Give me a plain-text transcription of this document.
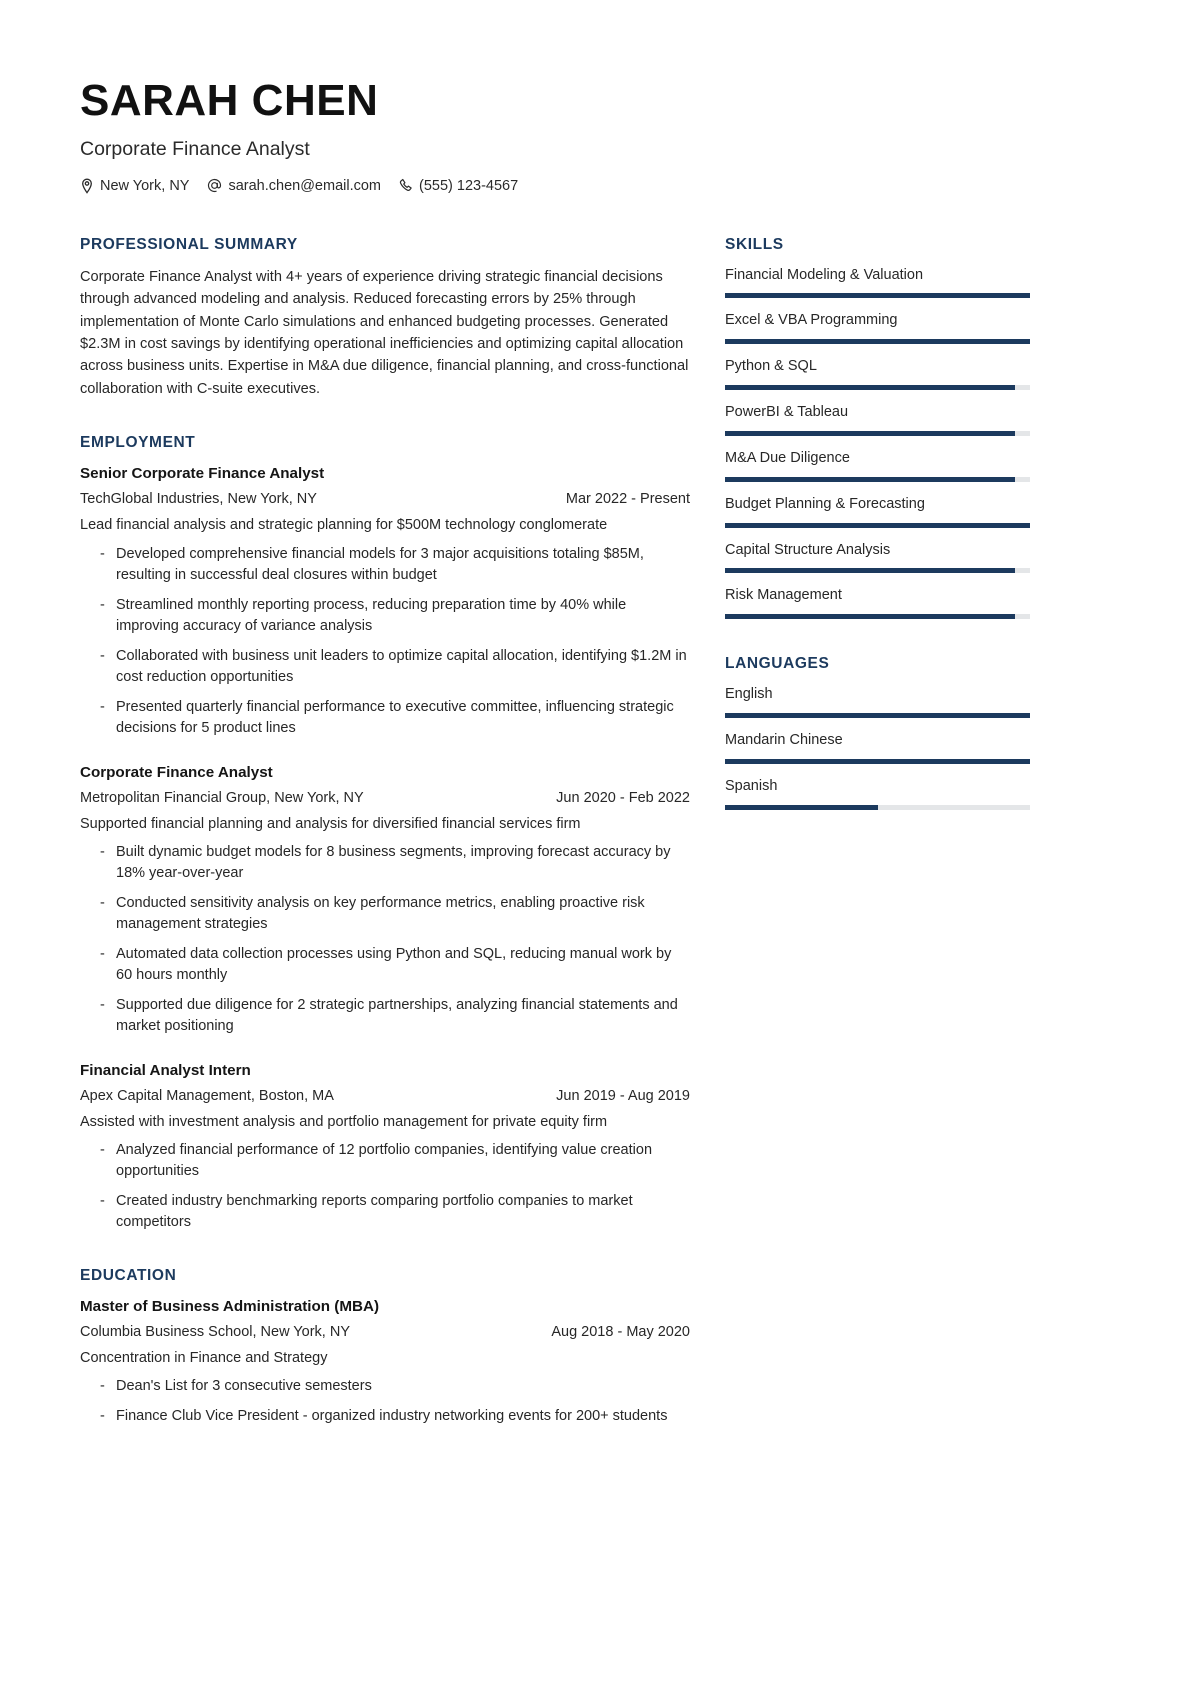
SARAH CHEN
Corporate Finance Analyst
New York, NY	sarah.chen@email.com	(555) 123-4567
PROFESSIONAL SUMMARY

Corporate Finance Analyst with 4+ years of experience driving strategic financial decisions through advanced modeling and analysis. Reduced forecasting errors by 25% through implementation of Monte Carlo simulations and enhanced budgeting processes. Generated $2.3M in cost savings by identifying operational inefficiencies and optimizing capital allocation across business units. Expertise in M&A due diligence, financial planning, and cross-functional collaboration with C-suite executives.

EMPLOYMENT
Senior Corporate Finance Analyst
TechGlobal Industries, New York, NY	Mar 2022 - Present
Lead financial analysis and strategic planning for $500M technology conglomerate
- Developed comprehensive financial models for 3 major acquisitions totaling $85M, resulting in successful deal closures within budget
- Streamlined monthly reporting process, reducing preparation time by 40% while improving accuracy of variance analysis
- Collaborated with business unit leaders to optimize capital allocation, identifying $1.2M in cost reduction opportunities
- Presented quarterly financial performance to executive committee, influencing strategic decisions for 5 product lines
Corporate Finance Analyst
Metropolitan Financial Group, New York, NY	Jun 2020 - Feb 2022
Supported financial planning and analysis for diversified financial services firm
- Built dynamic budget models for 8 business segments, improving forecast accuracy by 18% year-over-year
- Conducted sensitivity analysis on key performance metrics, enabling proactive risk management strategies
- Automated data collection processes using Python and SQL, reducing manual work by 60 hours monthly
- Supported due diligence for 2 strategic partnerships, analyzing financial statements and market positioning
Financial Analyst Intern
Apex Capital Management, Boston, MA	Jun 2019 - Aug 2019
Assisted with investment analysis and portfolio management for private equity firm
- Analyzed financial performance of 12 portfolio companies, identifying value creation opportunities
- Created industry benchmarking reports comparing portfolio companies to market competitors
EDUCATION
Master of Business Administration (MBA)
Columbia Business School, New York, NY	Aug 2018 - May 2020
Concentration in Finance and Strategy
- Dean's List for 3 consecutive semesters
- Finance Club Vice President - organized industry networking events for 200+ students
SKILLS
Financial Modeling & Valuation
Excel & VBA Programming
Python & SQL
PowerBI & Tableau
M&A Due Diligence
Budget Planning & Forecasting
Capital Structure Analysis
Risk Management
LANGUAGES
English
Mandarin Chinese
Spanish
